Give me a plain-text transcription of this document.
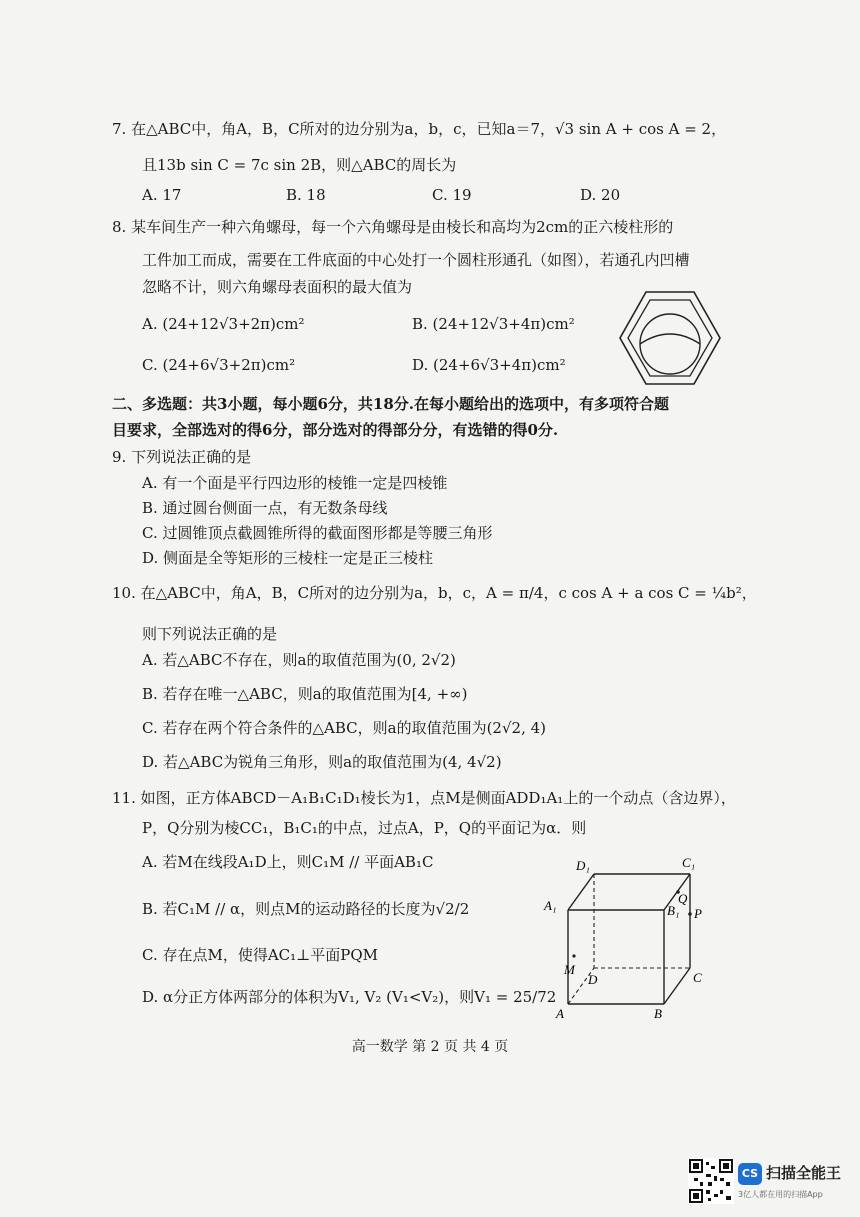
7. 在△ABC中，角A，B，C所对的边分别为a，b，c，已知a＝7，√3 sin A + cos A = 2，
且13b sin C = 7c sin 2B，则△ABC的周长为
A. 17	B. 18	C. 19	D. 20
8. 某车间生产一种六角螺母，每一个六角螺母是由棱长和高均为2cm的正六棱柱形的
工件加工而成，需要在工件底面的中心处打一个圆柱形通孔（如图），若通孔内凹槽
忽略不计，则六角螺母表面积的最大值为
A. (24+12√3+2π)cm²	B. (24+12√3+4π)cm²
C. (24+6√3+2π)cm²	D. (24+6√3+4π)cm²
二、多选题：共3小题，每小题6分，共18分.在每小题给出的选项中，有多项符合题
目要求，全部选对的得6分，部分选对的得部分分，有选错的得0分.
9. 下列说法正确的是
A. 有一个面是平行四边形的棱锥一定是四棱锥
B. 通过圆台侧面一点，有无数条母线
C. 过圆锥顶点截圆锥所得的截面图形都是等腰三角形
D. 侧面是全等矩形的三棱柱一定是正三棱柱
10. 在△ABC中，角A，B，C所对的边分别为a，b，c，A = π/4，c cos A + a cos C = ¼b²，
则下列说法正确的是
A. 若△ABC不存在，则a的取值范围为(0, 2√2)
B. 若存在唯一△ABC，则a的取值范围为[4, +∞)
C. 若存在两个符合条件的△ABC，则a的取值范围为(2√2, 4)
D. 若△ABC为锐角三角形，则a的取值范围为(4, 4√2)
11. 如图，正方体ABCD－A₁B₁C₁D₁棱长为1，点M是侧面ADD₁A₁上的一个动点（含边界），
P，Q分别为棱CC₁，B₁C₁的中点，过点A，P，Q的平面记为α．则
A. 若M在线段A₁D上，则C₁M // 平面AB₁C
B. 若C₁M // α，则点M的运动路径的长度为√2/2
C. 存在点M，使得AC₁⊥平面PQM
D. α分正方体两部分的体积为V₁, V₂ (V₁<V₂)，则V₁ = 25/72
D₁	C₁
A₁	B₁
Q
P
M
D	C
A	B
高一数学 第 2 页 共 4 页
CS 扫描全能王
3亿人都在用的扫描App
